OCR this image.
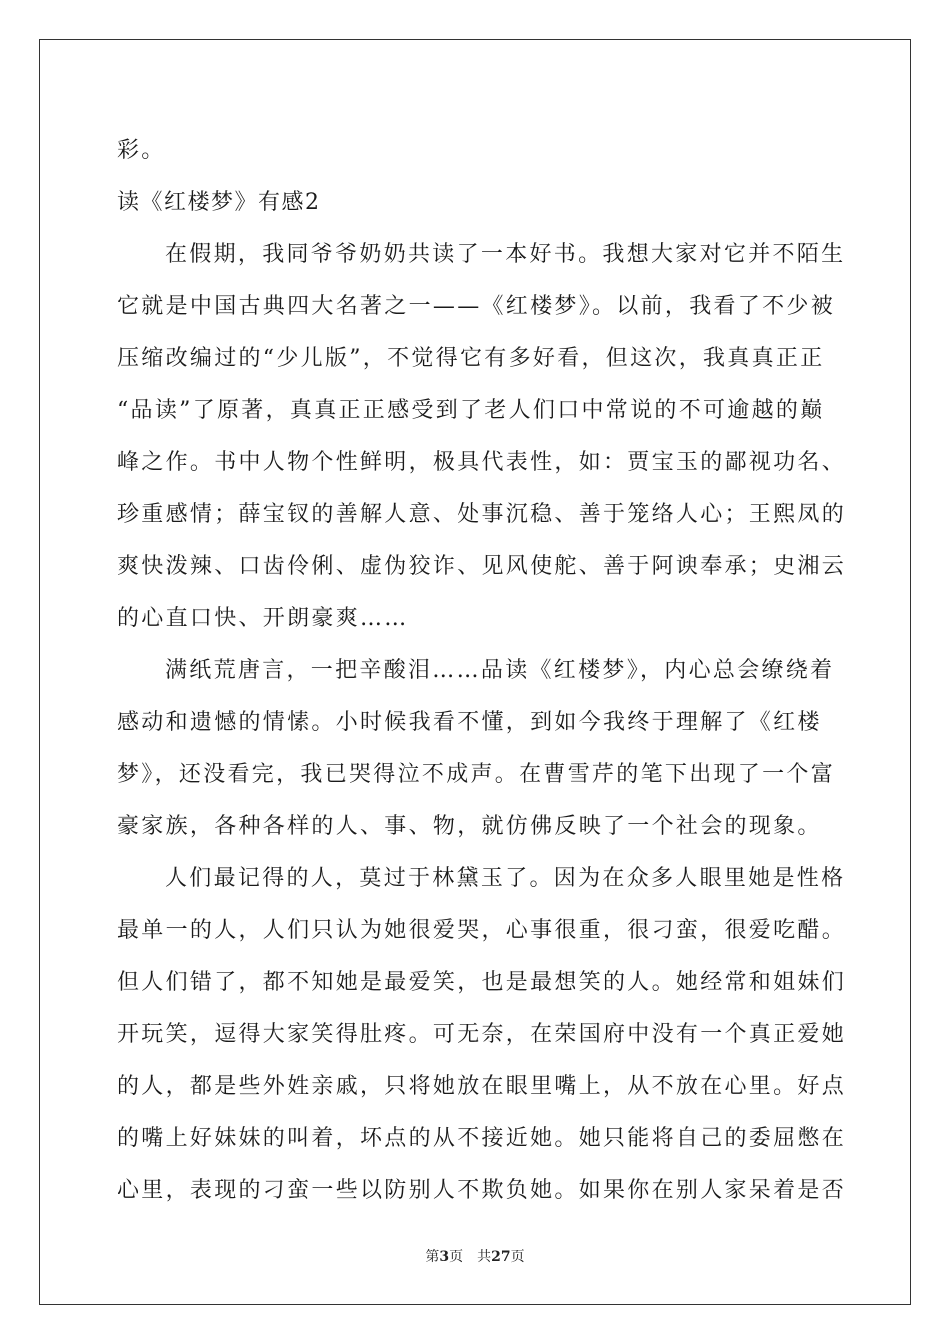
彩。
读《红楼梦》有感2
在假期，我同爷爷奶奶共读了一本好书。我想大家对它并不陌生
它就是中国古典四大名著之一——《红楼梦》。以前，我看了不少被
压缩改编过的“少儿版”，不觉得它有多好看，但这次，我真真正正
“品读”了原著，真真正正感受到了老人们口中常说的不可逾越的巅
峰之作。书中人物个性鲜明，极具代表性，如：贾宝玉的鄙视功名、
珍重感情；薛宝钗的善解人意、处事沉稳、善于笼络人心；王熙凤的
爽快泼辣、口齿伶俐、虚伪狡诈、见风使舵、善于阿谀奉承；史湘云
的心直口快、开朗豪爽……
满纸荒唐言，一把辛酸泪……品读《红楼梦》，内心总会缭绕着
感动和遗憾的情愫。小时候我看不懂，到如今我终于理解了《红楼
梦》，还没看完，我已哭得泣不成声。在曹雪芹的笔下出现了一个富
豪家族，各种各样的人、事、物，就仿佛反映了一个社会的现象。
人们最记得的人，莫过于林黛玉了。因为在众多人眼里她是性格
最单一的人，人们只认为她很爱哭，心事很重，很刁蛮，很爱吃醋。
但人们错了，都不知她是最爱笑，也是最想笑的人。她经常和姐妹们
开玩笑，逗得大家笑得肚疼。可无奈，在荣国府中没有一个真正爱她
的人，都是些外姓亲戚，只将她放在眼里嘴上，从不放在心里。好点
的嘴上好妹妹的叫着，坏点的从不接近她。她只能将自己的委屈憋在
心里，表现的刁蛮一些以防别人不欺负她。如果你在别人家呆着是否
第3页 共27页
